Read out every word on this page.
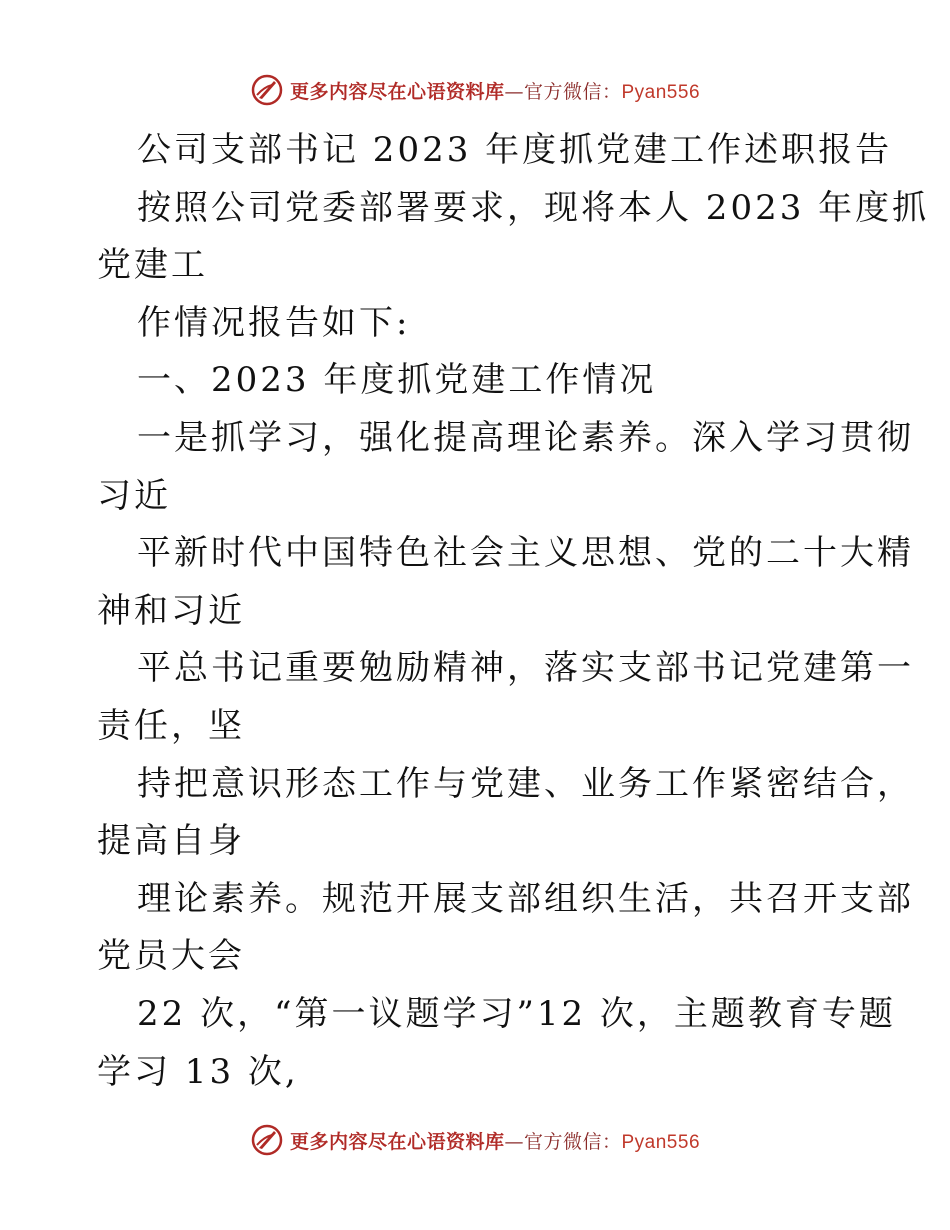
更多内容尽在心语资料库—官方微信：Pyan556
公司支部书记 2023 年度抓党建工作述职报告
按照公司党委部署要求，现将本人 2023 年度抓
党建工
作情况报告如下:
一、2023 年度抓党建工作情况
一是抓学习，强化提高理论素养。深入学习贯彻
习近
平新时代中国特色社会主义思想、党的二十大精
神和习近
平总书记重要勉励精神，落实支部书记党建第一
责任，坚
持把意识形态工作与党建、业务工作紧密结合，
提高自身
理论素养。规范开展支部组织生活，共召开支部
党员大会
22 次，“第一议题学习”12 次，主题教育专题
学习 13 次,
更多内容尽在心语资料库—官方微信：Pyan556
